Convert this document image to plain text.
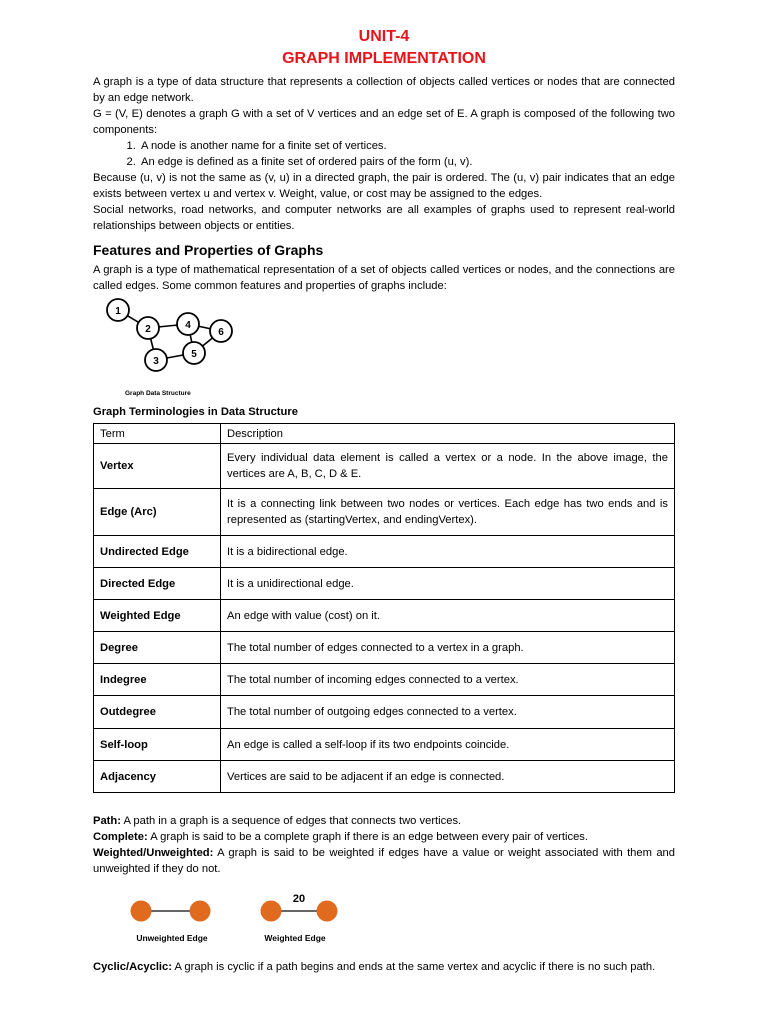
UNIT-4
GRAPH IMPLEMENTATION

A graph is a type of data structure that represents a collection of objects called vertices or nodes that are connected by an edge network.

G = (V, E) denotes a graph G with a set of V vertices and an edge set of E. A graph is composed of the following two components:

1. A node is another name for a finite set of vertices.
2. An edge is defined as a finite set of ordered pairs of the form (u, v).

Because (u, v) is not the same as (v, u) in a directed graph, the pair is ordered. The (u, v) pair indicates that an edge exists between vertex u and vertex v. Weight, value, or cost may be assigned to the edges.

Social networks, road networks, and computer networks are all examples of graphs used to represent real-world relationships between objects or entities.

Features and Properties of Graphs

A graph is a type of mathematical representation of a set of objects called vertices or nodes, and the connections are called edges. Some common features and properties of graphs include:

1
2
3
4
5
6
Graph Data Structure
Graph Terminologies in Data Structure
Term	Description
Vertex	Every individual data element is called a vertex or a node. In the above image, the vertices are A, B, C, D & E.
Edge (Arc)	It is a connecting link between two nodes or vertices. Each edge has two ends and is represented as (startingVertex, and endingVertex).
Undirected Edge	It is a bidirectional edge.
Directed Edge	It is a unidirectional edge.
Weighted Edge	An edge with value (cost) on it.
Degree	The total number of edges connected to a vertex in a graph.
Indegree	The total number of incoming edges connected to a vertex.
Outdegree	The total number of outgoing edges connected to a vertex.
Self-loop	An edge is called a self-loop if its two endpoints coincide.
Adjacency	Vertices are said to be adjacent if an edge is connected.

Path: A path in a graph is a sequence of edges that connects two vertices.

Complete: A graph is said to be a complete graph if there is an edge between every pair of vertices.

Weighted/Unweighted: A graph is said to be weighted if edges have a value or weight associated with them and unweighted if they do not.

Unweighted Edge
20
Weighted Edge

Cyclic/Acyclic: A graph is cyclic if a path begins and ends at the same vertex and acyclic if there is no such path.
